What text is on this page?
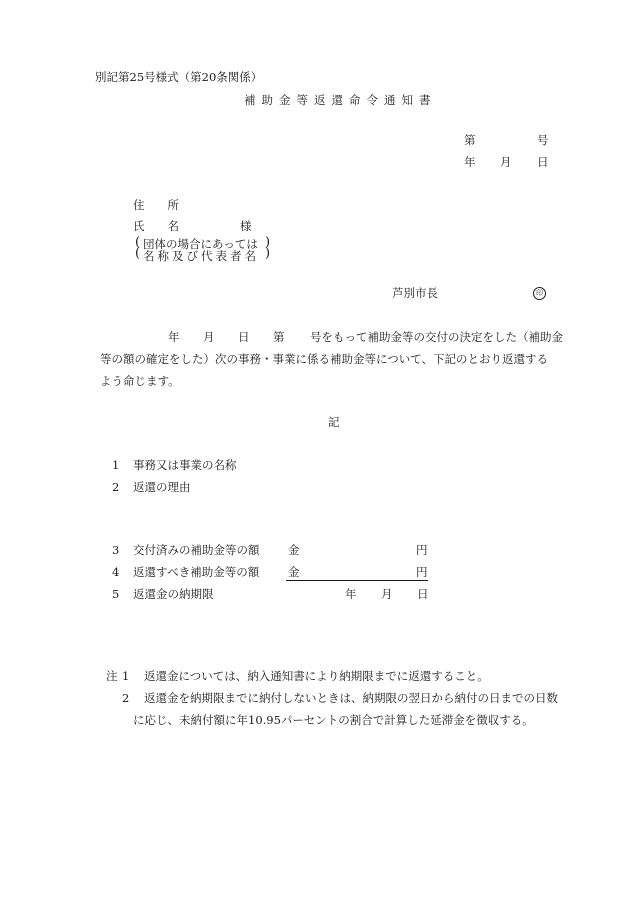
別記第25号様式（第20条関係）
補助金等返還命令通知書
第	号
年 月 日
住　　所
氏　　名	様
(
(
団体の場合にあっては
名称及び代表者名
)
)
芦別市長	印
年 月 日 第 号をもって補助金等の交付の決定をした（補助金
等の額の確定をした）次の事務・事業に係る補助金等について、下記のとおり返還する
よう命じます。
記
1 事務又は事業の名称
2 返還の理由
3 交付済みの補助金等の額 金	円
4 返還すべき補助金等の額 金	円
5 返還金の納期限	年 月 日
注 1 返還金については、納入通知書により納期限までに返還すること。
2 返還金を納期限までに納付しないときは、納期限の翌日から納付の日までの日数
に応じ、未納付額に年10.95パーセントの割合で計算した延滞金を徴収する。
